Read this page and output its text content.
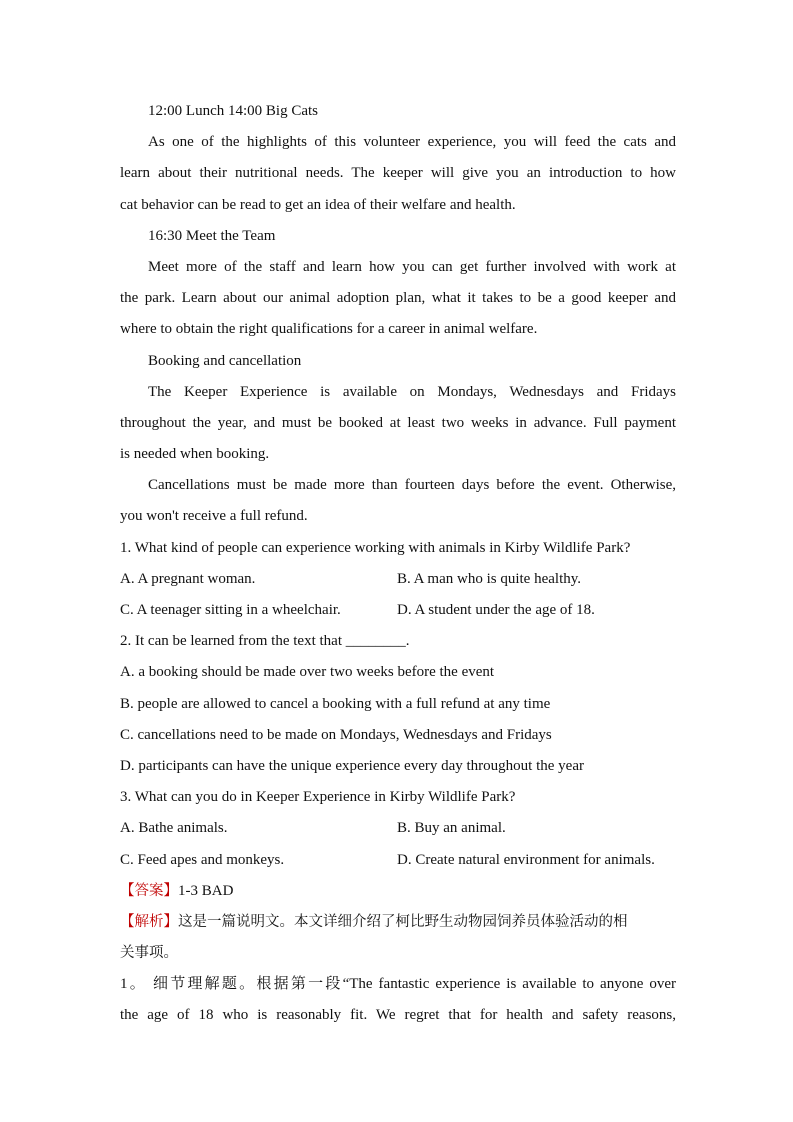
12:00 Lunch 14:00 Big Cats
As one of the highlights of this volunteer experience, you will feed the cats and
learn about their nutritional needs. The keeper will give you an introduction to how
cat behavior can be read to get an idea of their welfare and health.
16:30 Meet the Team
Meet more of the staff and learn how you can get further involved with work at
the park. Learn about our animal adoption plan, what it takes to be a good keeper and
where to obtain the right qualifications for a career in animal welfare.
Booking and cancellation
The Keeper Experience is available on Mondays, Wednesdays and Fridays
throughout the year, and must be booked at least two weeks in advance. Full payment
is needed when booking.
Cancellations must be made more than fourteen days before the event. Otherwise,
you won't receive a full refund.
1. What kind of people can experience working with animals in Kirby Wildlife Park?
A. A pregnant woman.	B. A man who is quite healthy.
C. A teenager sitting in a wheelchair.	D. A student under the age of 18.
2. It can be learned from the text that ________.
A. a booking should be made over two weeks before the event
B. people are allowed to cancel a booking with a full refund at any time
C. cancellations need to be made on Mondays, Wednesdays and Fridays
D. participants can have the unique experience every day throughout the year
3. What can you do in Keeper Experience in Kirby Wildlife Park?
A. Bathe animals.	B. Buy an animal.
C. Feed apes and monkeys.	D. Create natural environment for animals.
【答案】1-3 BAD
【解析】这是一篇说明文。本文详细介绍了柯比野生动物园饲养员体验活动的相
关事项。
1。 细节理解题。根据第一段“The fantastic experience is available to anyone over
the age of 18 who is reasonably fit. We regret that for health and safety reasons,
